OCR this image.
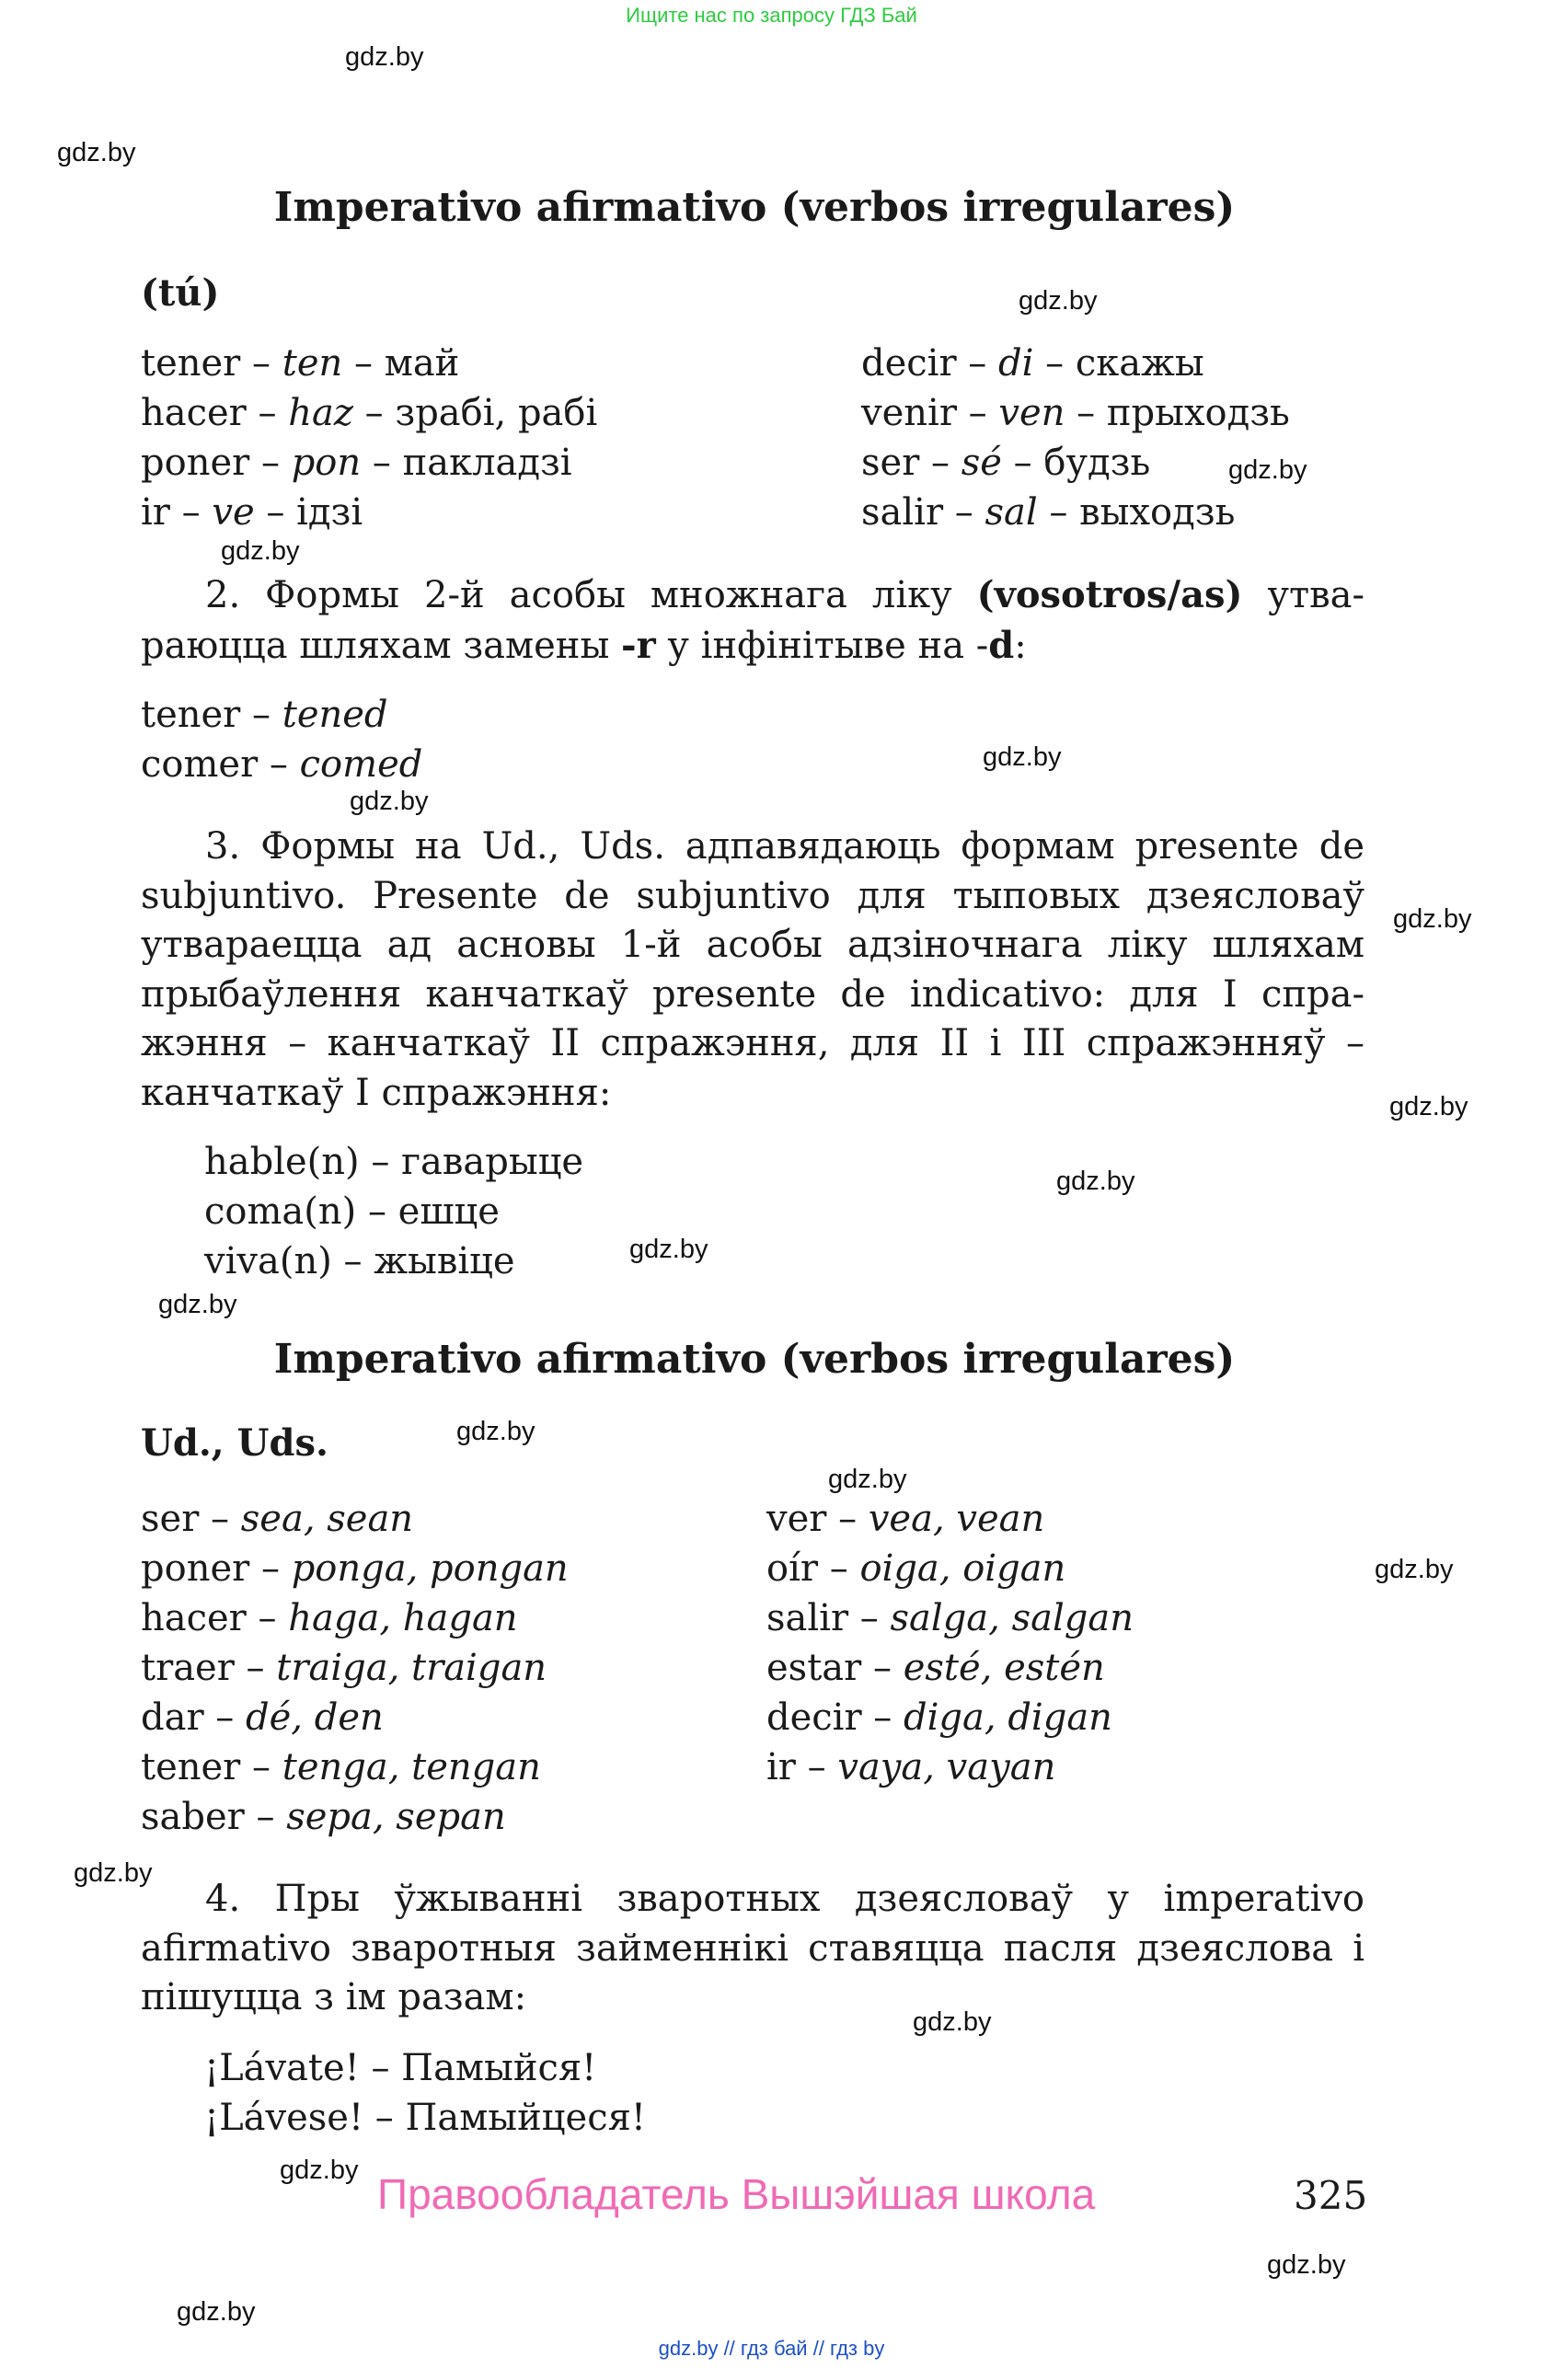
Ищите нас по запросу ГДЗ Бай
gdz.by
gdz.by
gdz.by
gdz.by
gdz.by
gdz.by
gdz.by
gdz.by
gdz.by
gdz.by
gdz.by
gdz.by
gdz.by
gdz.by
gdz.by
gdz.by
gdz.by
gdz.by
gdz.by
gdz.by
Imperativo afirmativo (verbos irregulares)
(tú)
tener – ten – май
hacer – haz – зрабі, рабі
poner – pon – пакладзі
ir – ve – ідзі
decir – di – скажы
venir – ven – прыходзь
ser – sé – будзь
salir – sal – выходзь
2. Формы 2-й асобы множнага ліку (vosotros/as) утва-
раюцца шляхам замены -r у інфінітыве на -d:
tener – tened
comer – comed
3. Формы на Ud., Uds. адпавядаюць формам presente de
subjuntivo. Presente de subjuntivo для тыповых дзеясловаў
утвараецца ад асновы 1-й асобы адзіночнага ліку шляхам
прыбаўлення канчаткаў presente de indicativo: для I спра-
жэння – канчаткаў II спражэння, для II і III спражэнняў –
канчаткаў I спражэння:
hable(n) – гаварыце
coma(n) – ешце
viva(n) – жывіце
Imperativo afirmativo (verbos irregulares)
Ud., Uds.
ser – sea, sean
poner – ponga, pongan
hacer – haga, hagan
traer – traiga, traigan
dar – dé, den
tener – tenga, tengan
saber – sepa, sepan
ver – vea, vean
oír – oiga, oigan
salir – salga, salgan
estar – esté, estén
decir – diga, digan
ir – vaya, vayan
4. Пры ўжыванні зваротных дзеясловаў у imperativo
afirmativo зваротныя займеннікі ставяцца пасля дзеяслова і
пішуцца з ім разам:
¡Lávate! – Памыйся!
¡Lávese! – Памыйцеся!
Правообладатель Вышэйшая школа	325
gdz.by // гдз бай // гдз by
